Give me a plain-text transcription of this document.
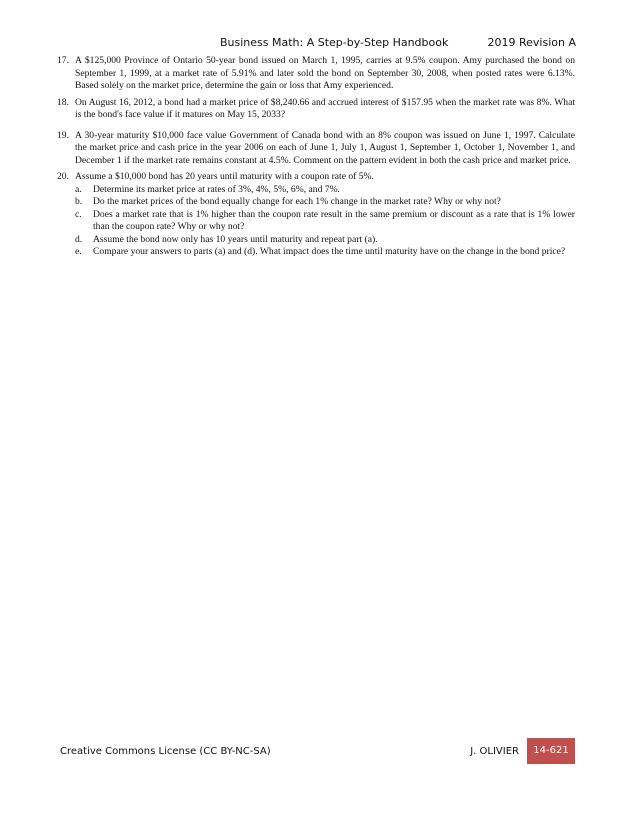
Business Math: A Step-by-Step Handbook	2019 Revision A
17. A $125,000 Province of Ontario 50-year bond issued on March 1, 1995, carries at 9.5% coupon. Amy purchased the bond on September 1, 1999, at a market rate of 5.91% and later sold the bond on September 30, 2008, when posted rates were 6.13%. Based solely on the market price, determine the gain or loss that Amy experienced.
18. On August 16, 2012, a bond had a market price of $8,240.66 and accrued interest of $157.95 when the market rate was 8%. What is the bond's face value if it matures on May 15, 2033?
19. A 30-year maturity $10,000 face value Government of Canada bond with an 8% coupon was issued on June 1, 1997. Calculate the market price and cash price in the year 2006 on each of June 1, July 1, August 1, September 1, October 1, November 1, and December 1 if the market rate remains constant at 4.5%. Comment on the pattern evident in both the cash price and market price.
20. Assume a $10,000 bond has 20 years until maturity with a coupon rate of 5%.
a. Determine its market price at rates of 3%, 4%, 5%, 6%, and 7%.
b. Do the market prices of the bond equally change for each 1% change in the market rate? Why or why not?
c. Does a market rate that is 1% higher than the coupon rate result in the same premium or discount as a rate that is 1% lower than the coupon rate? Why or why not?
d. Assume the bond now only has 10 years until maturity and repeat part (a).
e. Compare your answers to parts (a) and (d). What impact does the time until maturity have on the change in the bond price?
Creative Commons License (CC BY-NC-SA)	J. OLIVIER	14-621
